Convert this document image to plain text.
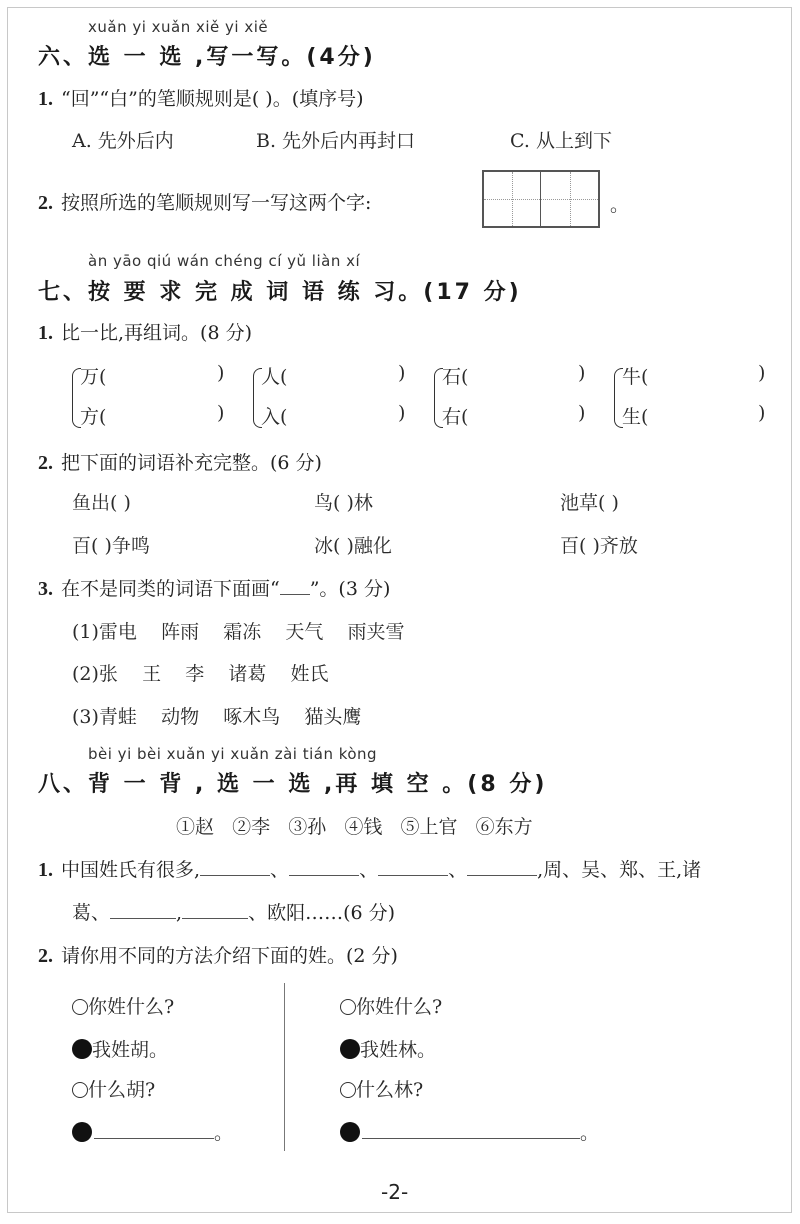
xuǎn yi xuǎn xiě yi xiě
六、选 一 选 ,写一写。(4分)
1. “回”“白”的笔顺规则是( )。(填序号)
A. 先外后内	B. 先外后内再封口	C. 从上到下
2. 按照所选的笔顺规则写一写这两个字:	。
àn yāo qiú wán chéng cí yǔ liàn xí
七、按 要 求 完 成 词 语 练 习。(17 分)
1. 比一比,再组词。(8 分)
万(	)
方(	)
人(	)
入(	)
石(	)
右(	)
牛(	)
生(	)
2. 把下面的词语补充完整。(6 分)
鱼出( )	鸟( )林	池草( )
百( )争鸣	冰( )融化	百( )齐放
3. 在不是同类的词语下面画“ ”。(3 分)
(1)雷电    阵雨    霜冻    天气    雨夹雪
(2)张    王    李    诸葛    姓氏
(3)青蛙    动物    啄木鸟    猫头鹰
bèi yi bèi xuǎn yi xuǎn zài tián kòng
八、背 一 背 , 选 一 选 ,再 填 空 。(8 分)
①赵   ②李   ③孙   ④钱   ⑤上官   ⑥东方
1. 中国姓氏有很多,	、	、	、	,周、吴、郑、王,诸
葛、	,	、欧阳……(6 分)
2. 请你用不同的方法介绍下面的姓。(2 分)
你姓什么?
我姓胡。
什么胡?
。
你姓什么?
我姓林。
什么林?
。
-2-
